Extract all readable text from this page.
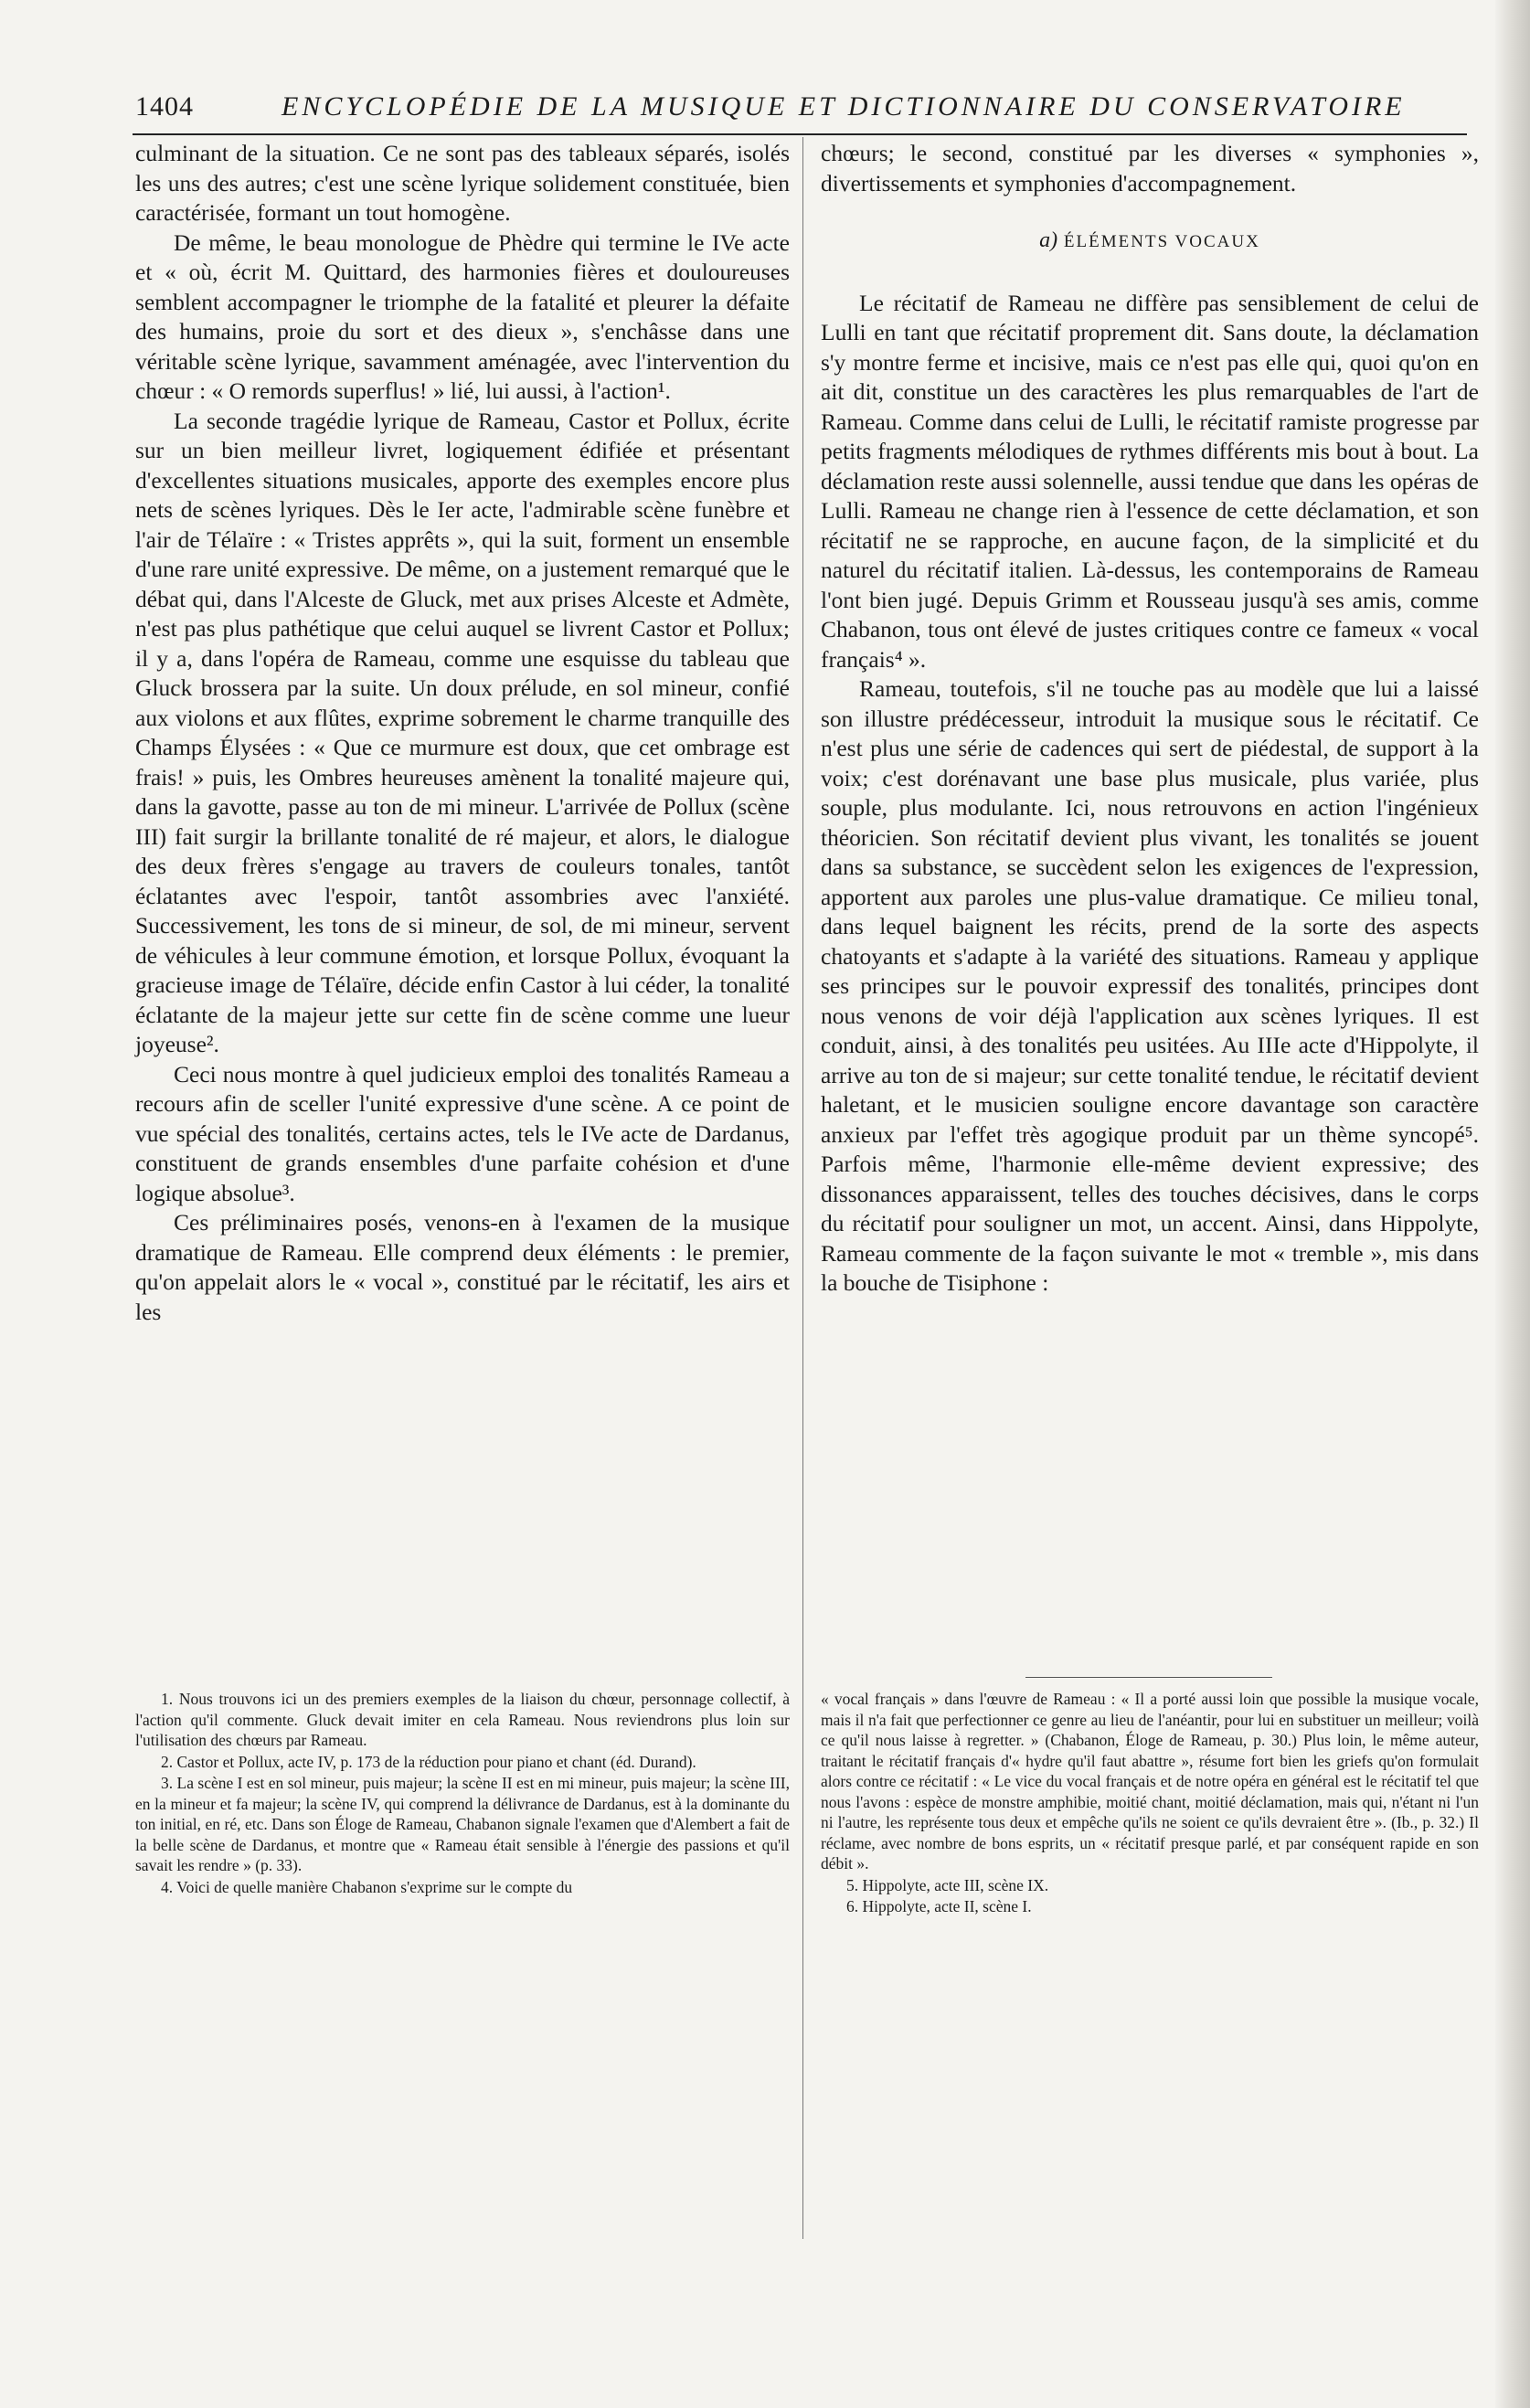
1404	ENCYCLOPÉDIE DE LA MUSIQUE ET DICTIONNAIRE DU CONSERVATOIRE

culminant de la situation. Ce ne sont pas des tableaux séparés, isolés les uns des autres; c'est une scène lyrique solidement constituée, bien caractérisée, formant un tout homogène.

De même, le beau monologue de Phèdre qui termine le IVe acte et « où, écrit M. Quittard, des harmonies fières et douloureuses semblent accompagner le triomphe de la fatalité et pleurer la défaite des humains, proie du sort et des dieux », s'enchâsse dans une véritable scène lyrique, savamment aménagée, avec l'intervention du chœur : « O remords superflus! » lié, lui aussi, à l'action¹.

La seconde tragédie lyrique de Rameau, Castor et Pollux, écrite sur un bien meilleur livret, logiquement édifiée et présentant d'excellentes situations musicales, apporte des exemples encore plus nets de scènes lyriques. Dès le Ier acte, l'admirable scène funèbre et l'air de Télaïre : « Tristes apprêts », qui la suit, forment un ensemble d'une rare unité expressive. De même, on a justement remarqué que le débat qui, dans l'Alceste de Gluck, met aux prises Alceste et Admète, n'est pas plus pathétique que celui auquel se livrent Castor et Pollux; il y a, dans l'opéra de Rameau, comme une esquisse du tableau que Gluck brossera par la suite. Un doux prélude, en sol mineur, confié aux violons et aux flûtes, exprime sobrement le charme tranquille des Champs Élysées : « Que ce murmure est doux, que cet ombrage est frais! » puis, les Ombres heureuses amènent la tonalité majeure qui, dans la gavotte, passe au ton de mi mineur. L'arrivée de Pollux (scène III) fait surgir la brillante tonalité de ré majeur, et alors, le dialogue des deux frères s'engage au travers de couleurs tonales, tantôt éclatantes avec l'espoir, tantôt assombries avec l'anxiété. Successivement, les tons de si mineur, de sol, de mi mineur, servent de véhicules à leur commune émotion, et lorsque Pollux, évoquant la gracieuse image de Télaïre, décide enfin Castor à lui céder, la tonalité éclatante de la majeur jette sur cette fin de scène comme une lueur joyeuse².

Ceci nous montre à quel judicieux emploi des tonalités Rameau a recours afin de sceller l'unité expressive d'une scène. A ce point de vue spécial des tonalités, certains actes, tels le IVe acte de Dardanus, constituent de grands ensembles d'une parfaite cohésion et d'une logique absolue³.

Ces préliminaires posés, venons-en à l'examen de la musique dramatique de Rameau. Elle comprend deux éléments : le premier, qu'on appelait alors le « vocal », constitué par le récitatif, les airs et les

chœurs; le second, constitué par les diverses « symphonies », divertissements et symphonies d'accompagnement.

a) ÉLÉMENTS VOCAUX

Le récitatif de Rameau ne diffère pas sensiblement de celui de Lulli en tant que récitatif proprement dit. Sans doute, la déclamation s'y montre ferme et incisive, mais ce n'est pas elle qui, quoi qu'on en ait dit, constitue un des caractères les plus remarquables de l'art de Rameau. Comme dans celui de Lulli, le récitatif ramiste progresse par petits fragments mélodiques de rythmes différents mis bout à bout. La déclamation reste aussi solennelle, aussi tendue que dans les opéras de Lulli. Rameau ne change rien à l'essence de cette déclamation, et son récitatif ne se rapproche, en aucune façon, de la simplicité et du naturel du récitatif italien. Là-dessus, les contemporains de Rameau l'ont bien jugé. Depuis Grimm et Rousseau jusqu'à ses amis, comme Chabanon, tous ont élevé de justes critiques contre ce fameux « vocal français⁴ ».

Rameau, toutefois, s'il ne touche pas au modèle que lui a laissé son illustre prédécesseur, introduit la musique sous le récitatif. Ce n'est plus une série de cadences qui sert de piédestal, de support à la voix; c'est dorénavant une base plus musicale, plus variée, plus souple, plus modulante. Ici, nous retrouvons en action l'ingénieux théoricien. Son récitatif devient plus vivant, les tonalités se jouent dans sa substance, se succèdent selon les exigences de l'expression, apportent aux paroles une plus-value dramatique. Ce milieu tonal, dans lequel baignent les récits, prend de la sorte des aspects chatoyants et s'adapte à la variété des situations. Rameau y applique ses principes sur le pouvoir expressif des tonalités, principes dont nous venons de voir déjà l'application aux scènes lyriques. Il est conduit, ainsi, à des tonalités peu usitées. Au IIIe acte d'Hippolyte, il arrive au ton de si majeur; sur cette tonalité tendue, le récitatif devient haletant, et le musicien souligne encore davantage son caractère anxieux par l'effet très agogique produit par un thème syncopé⁵. Parfois même, l'harmonie elle-même devient expressive; des dissonances apparaissent, telles des touches décisives, dans le corps du récitatif pour souligner un mot, un accent. Ainsi, dans Hippolyte, Rameau commente de la façon suivante le mot « tremble », mis dans la bouche de Tisiphone :

1. Nous trouvons ici un des premiers exemples de la liaison du chœur, personnage collectif, à l'action qu'il commente. Gluck devait imiter en cela Rameau. Nous reviendrons plus loin sur l'utilisation des chœurs par Rameau.

2. Castor et Pollux, acte IV, p. 173 de la réduction pour piano et chant (éd. Durand).

3. La scène I est en sol mineur, puis majeur; la scène II est en mi mineur, puis majeur; la scène III, en la mineur et fa majeur; la scène IV, qui comprend la délivrance de Dardanus, est à la dominante du ton initial, en ré, etc. Dans son Éloge de Rameau, Chabanon signale l'examen que d'Alembert a fait de la belle scène de Dardanus, et montre que « Rameau était sensible à l'énergie des passions et qu'il savait les rendre » (p. 33).

4. Voici de quelle manière Chabanon s'exprime sur le compte du

« vocal français » dans l'œuvre de Rameau : « Il a porté aussi loin que possible la musique vocale, mais il n'a fait que perfectionner ce genre au lieu de l'anéantir, pour lui en substituer un meilleur; voilà ce qu'il nous laisse à regretter. » (Chabanon, Éloge de Rameau, p. 30.) Plus loin, le même auteur, traitant le récitatif français d'« hydre qu'il faut abattre », résume fort bien les griefs qu'on formulait alors contre ce récitatif : « Le vice du vocal français et de notre opéra en général est le récitatif tel que nous l'avons : espèce de monstre amphibie, moitié chant, moitié déclamation, mais qui, n'étant ni l'un ni l'autre, les représente tous deux et empêche qu'ils ne soient ce qu'ils devraient être ». (Ib., p. 32.) Il réclame, avec nombre de bons esprits, un « récitatif presque parlé, et par conséquent rapide en son débit ».

5. Hippolyte, acte III, scène IX.

6. Hippolyte, acte II, scène I.
